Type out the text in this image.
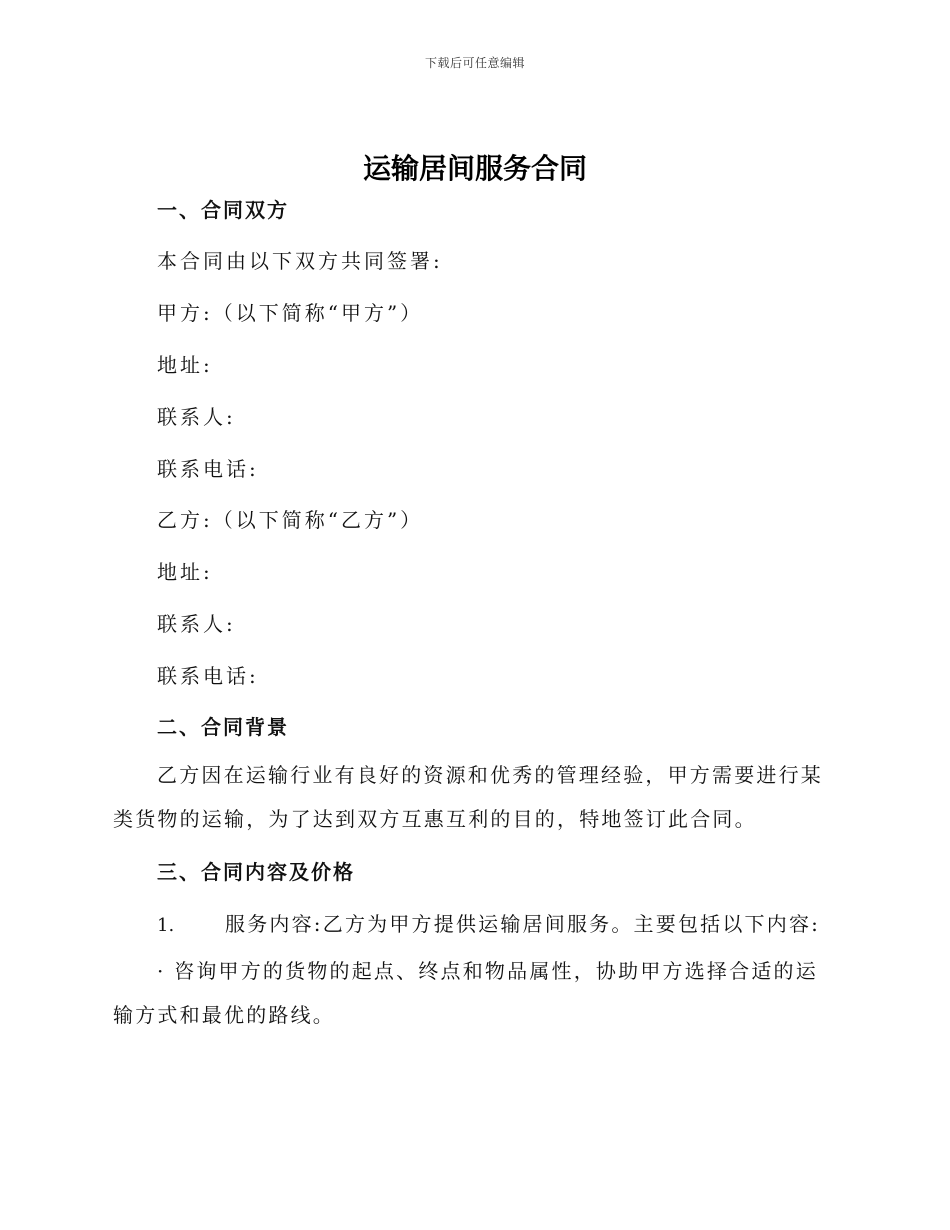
下载后可任意编辑
运输居间服务合同
一、合同双方
本合同由以下双方共同签署:
甲方:（以下简称“甲方”）
地址:
联系人:
联系电话:
乙方:（以下简称“乙方”）
地址:
联系人:
联系电话:
二、合同背景
乙方因在运输行业有良好的资源和优秀的管理经验，甲方需要进行某类货物的运输，为了达到双方互惠互利的目的，特地签订此合同。
三、合同内容及价格
1.	服务内容:乙方为甲方提供运输居间服务。主要包括以下内容:
· 咨询甲方的货物的起点、终点和物品属性，协助甲方选择合适的运输方式和最优的路线。
